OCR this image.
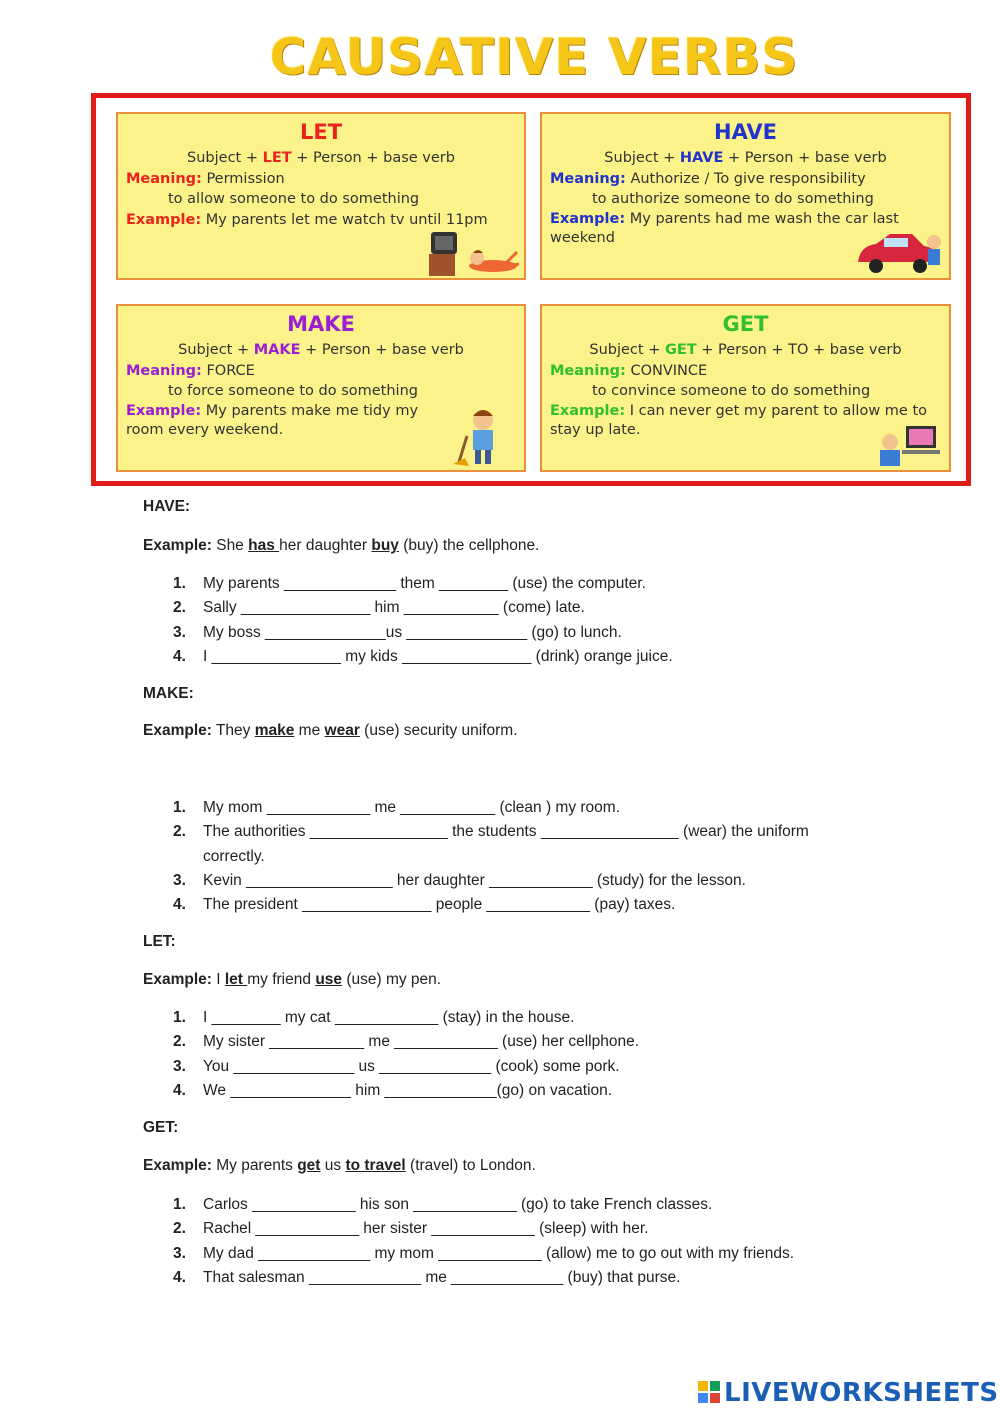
CAUSATIVE VERBS
LET
Subject + LET + Person + base verb
Meaning: Permission
to allow someone to do something
Example: My parents let me watch tv until 11pm
HAVE
Subject + HAVE + Person + base verb
Meaning: Authorize / To give responsibility
to authorize someone to do something
Example: My parents had me wash the car last weekend
MAKE
Subject + MAKE + Person + base verb
Meaning: FORCE
to force someone to do something
Example: My parents make me tidy my room every weekend.
GET
Subject + GET + Person + TO + base verb
Meaning: CONVINCE
to convince someone to do something
Example: I can never get my parent to allow me to stay up late.
HAVE:
Example: She has her daughter buy (buy) the cellphone.
1. My parents _____________ them ________ (use) the computer.
2. Sally _______________ him ___________ (come) late.
3. My boss ______________us ______________ (go) to lunch.
4. I _______________ my kids _______________ (drink) orange juice.
MAKE:
Example: They make me wear (use) security uniform.
1. My mom ____________ me ___________ (clean ) my room.
2. The authorities ________________ the students ________________ (wear) the uniform correctly.
3. Kevin _________________ her daughter ____________ (study) for the lesson.
4. The president _______________ people ____________ (pay) taxes.
LET:
Example: I let my friend use (use) my pen.
1. I ________ my cat ____________ (stay) in the house.
2. My sister ___________ me ____________ (use) her cellphone.
3. You ______________ us _____________ (cook) some pork.
4. We ______________ him _____________(go) on vacation.
GET:
Example: My parents get us to travel (travel) to London.
1. Carlos ____________ his son ____________ (go) to take French classes.
2. Rachel ____________ her sister ____________ (sleep) with her.
3. My dad _____________ my mom ____________ (allow) me to go out with my friends.
4. That salesman _____________ me _____________ (buy) that purse.
LIVEWORKSHEETS
